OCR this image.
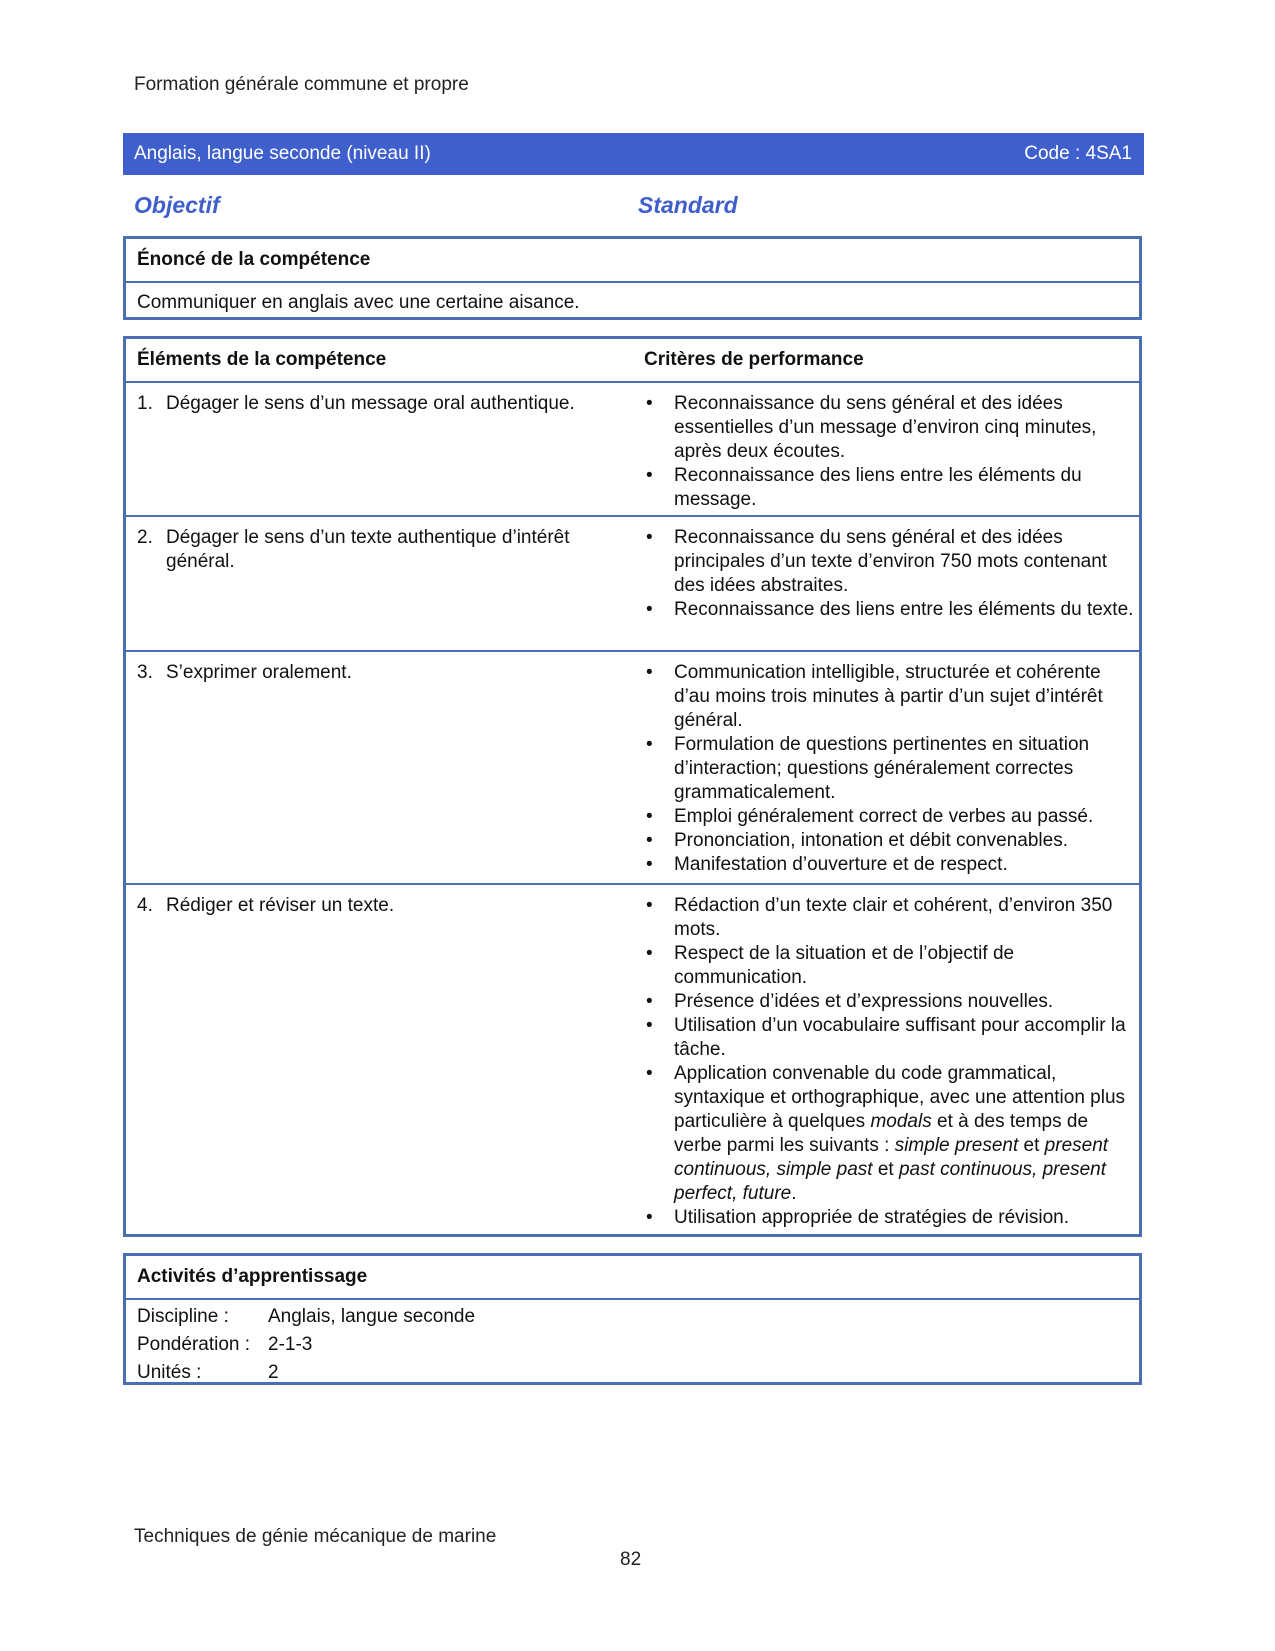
Formation générale commune et propre
Anglais, langue seconde (niveau II)	Code : 4SA1
Objectif	Standard
Énoncé de la compétence
Communiquer en anglais avec une certaine aisance.
Éléments de la compétence	Critères de performance
1. Dégager le sens d’un message oral authentique.	• Reconnaissance du sens général et des idées essentielles d’un message d’environ cinq minutes, après deux écoutes.
• Reconnaissance des liens entre les éléments du message.
2. Dégager le sens d’un texte authentique d’intérêt général.
• Reconnaissance du sens général et des idées principales d’un texte d’environ 750 mots contenant des idées abstraites.
• Reconnaissance des liens entre les éléments du texte.
3. S’exprimer oralement.	• Communication intelligible, structurée et cohérente d’au moins trois minutes à partir d’un sujet d’intérêt général.
• Formulation de questions pertinentes en situation d’interaction; questions généralement correctes grammaticalement.
• Emploi généralement correct de verbes au passé.
• Prononciation, intonation et débit convenables.
• Manifestation d’ouverture et de respect.
4. Rédiger et réviser un texte.	• Rédaction d’un texte clair et cohérent, d’environ 350 mots.
• Respect de la situation et de l’objectif de communication.
• Présence d’idées et d’expressions nouvelles.
• Utilisation d’un vocabulaire suffisant pour accomplir la tâche.
• Application convenable du code grammatical, syntaxique et orthographique, avec une attention plus particulière à quelques modals et à des temps de verbe parmi les suivants : simple present et present continuous, simple past et past continuous, present perfect, future.
• Utilisation appropriée de stratégies de révision.
Activités d’apprentissage
Discipline : Anglais, langue seconde
Pondération : 2-1-3
Unités :	2
Techniques de génie mécanique de marine
82
